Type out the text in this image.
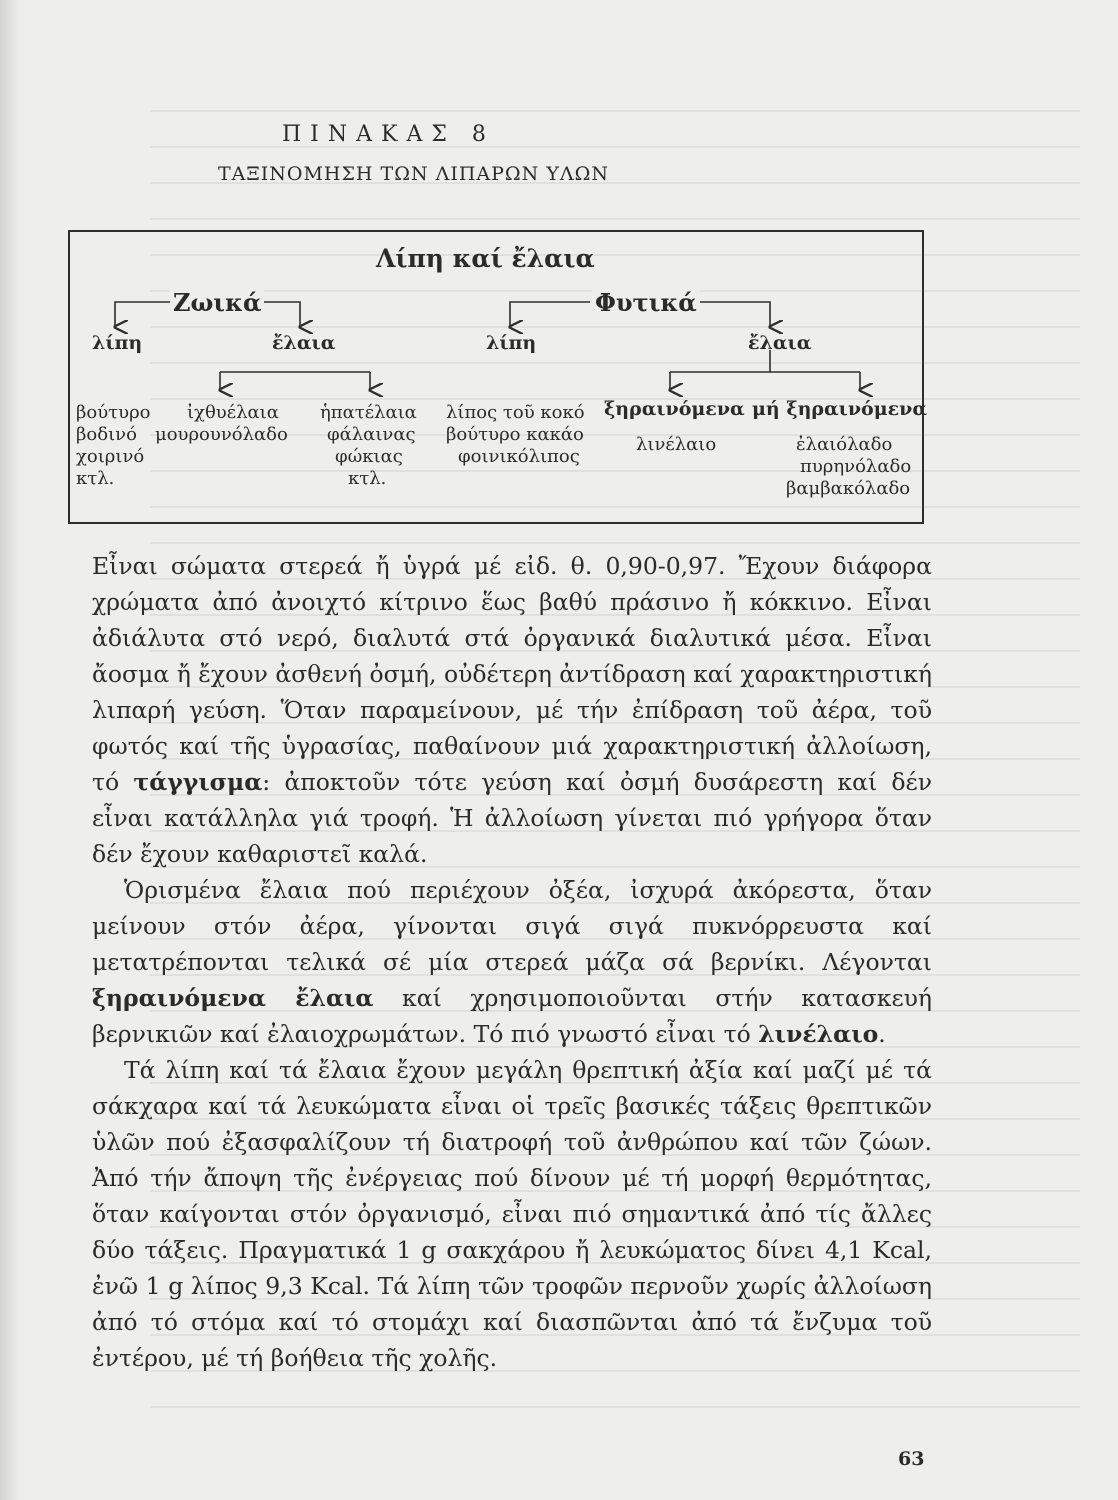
ΠΙΝΑΚΑΣ 8
ΤΑΞΙΝΟΜΗΣΗ ΤΩΝ ΛΙΠΑΡΩΝ ΥΛΩΝ
Λίπη καί ἔλαια
Ζωικά	Φυτικά
λίπη	ἔλαια	λίπη	ἔλαια
βούτυρο
βοδινό
χοιρινό
κτλ.
ἰχθυέλαια
μουρουνόλαδο
ἡπατέλαια
φάλαινας
φώκιας
κτλ.
λίπος τοῦ κοκό
βούτυρο κακάο
φοινικόλιπος
ξηραινόμενα
λινέλαιο
μή ξηραινόμενα
ἐλαιόλαδο
πυρηνόλαδο
βαμβακόλαδο

Εἶναι σώματα στερεά ἤ ὑγρά μέ εἰδ. θ. 0,90-0,97. Ἔχουν διάφορα χρώματα ἀπό ἀνοιχτό κίτρινο ἕως βαθύ πράσινο ἤ κόκκινο. Εἶναι ἀδιάλυτα στό νερό, διαλυτά στά ὀργανικά διαλυτικά μέσα. Εἶναι ἄοσμα ἤ ἔχουν ἀσθενή ὀσμή, οὐδέτερη ἀντίδραση καί χαρακτηριστική λιπαρή γεύση. Ὅταν παραμείνουν, μέ τήν ἐπίδραση τοῦ ἀέρα, τοῦ φωτός καί τῆς ὑγρασίας, παθαίνουν μιά χαρακτηριστική ἀλλοίωση, τό τάγγισμα: ἀποκτοῦν τότε γεύση καί ὀσμή δυσάρεστη καί δέν εἶναι κατάλληλα γιά τροφή. Ἡ ἀλλοίωση γίνεται πιό γρήγορα ὅταν δέν ἔχουν καθαριστεῖ καλά.

Ὁρισμένα ἔλαια πού περιέχουν ὀξέα, ἰσχυρά ἀκόρεστα, ὅταν μείνουν στόν ἀέρα, γίνονται σιγά σιγά πυκνόρρευστα καί μετατρέπονται τελικά σέ μία στερεά μάζα σά βερνίκι. Λέγονται ξηραινόμενα ἔλαια καί χρησιμοποιοῦνται στήν κατασκευή βερνικιῶν καί ἐλαιοχρωμάτων. Τό πιό γνωστό εἶναι τό λινέλαιο.

Τά λίπη καί τά ἔλαια ἔχουν μεγάλη θρεπτική ἀξία καί μαζί μέ τά σάκχαρα καί τά λευκώματα εἶναι οἱ τρεῖς βασικές τάξεις θρεπτικῶν ὑλῶν πού ἐξασφαλίζουν τή διατροφή τοῦ ἀνθρώπου καί τῶν ζώων. Ἀπό τήν ἄποψη τῆς ἐνέργειας πού δίνουν μέ τή μορφή θερμότητας, ὅταν καίγονται στόν ὀργανισμό, εἶναι πιό σημαντικά ἀπό τίς ἄλλες δύο τάξεις. Πραγματικά 1 g σακχάρου ἤ λευκώματος δίνει 4,1 Kcal, ἐνῶ 1 g λίπος 9,3 Kcal. Τά λίπη τῶν τροφῶν περνοῦν χωρίς ἀλλοίωση ἀπό τό στόμα καί τό στομάχι καί διασπῶνται ἀπό τά ἔνζυμα τοῦ ἐντέρου, μέ τή βοήθεια τῆς χολῆς.

63
